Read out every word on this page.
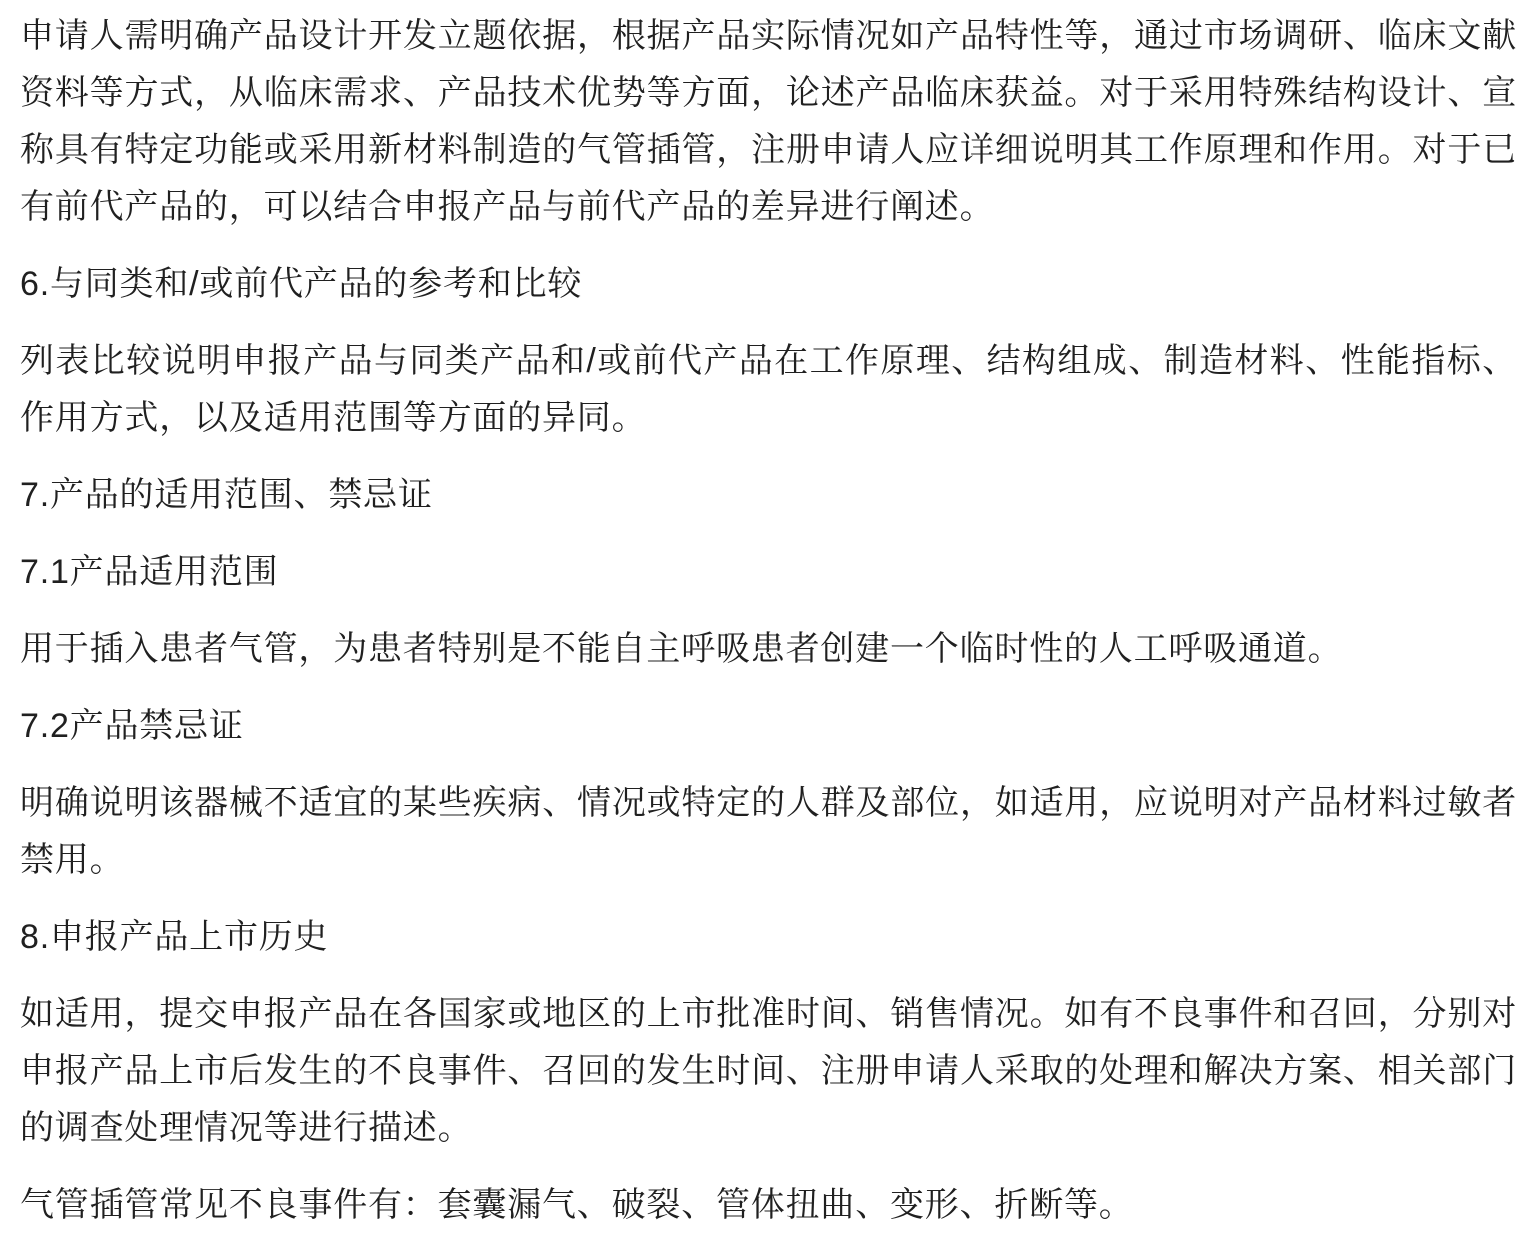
申请人需明确产品设计开发立题依据，根据产品实际情况如产品特性等，通过市场调研、临床文献资料等方式，从临床需求、产品技术优势等方面，论述产品临床获益。对于采用特殊结构设计、宣称具有特定功能或采用新材料制造的气管插管，注册申请人应详细说明其工作原理和作用。对于已有前代产品的，可以结合申报产品与前代产品的差异进行阐述。

6.与同类和/或前代产品的参考和比较

列表比较说明申报产品与同类产品和/或前代产品在工作原理、结构组成、制造材料、性能指标、作用方式，以及适用范围等方面的异同。

7.产品的适用范围、禁忌证

7.1产品适用范围

用于插入患者气管，为患者特别是不能自主呼吸患者创建一个临时性的人工呼吸通道。

7.2产品禁忌证

明确说明该器械不适宜的某些疾病、情况或特定的人群及部位，如适用，应说明对产品材料过敏者禁用。

8.申报产品上市历史

如适用，提交申报产品在各国家或地区的上市批准时间、销售情况。如有不良事件和召回，分别对申报产品上市后发生的不良事件、召回的发生时间、注册申请人采取的处理和解决方案、相关部门的调查处理情况等进行描述。

气管插管常见不良事件有：套囊漏气、破裂、管体扭曲、变形、折断等。
